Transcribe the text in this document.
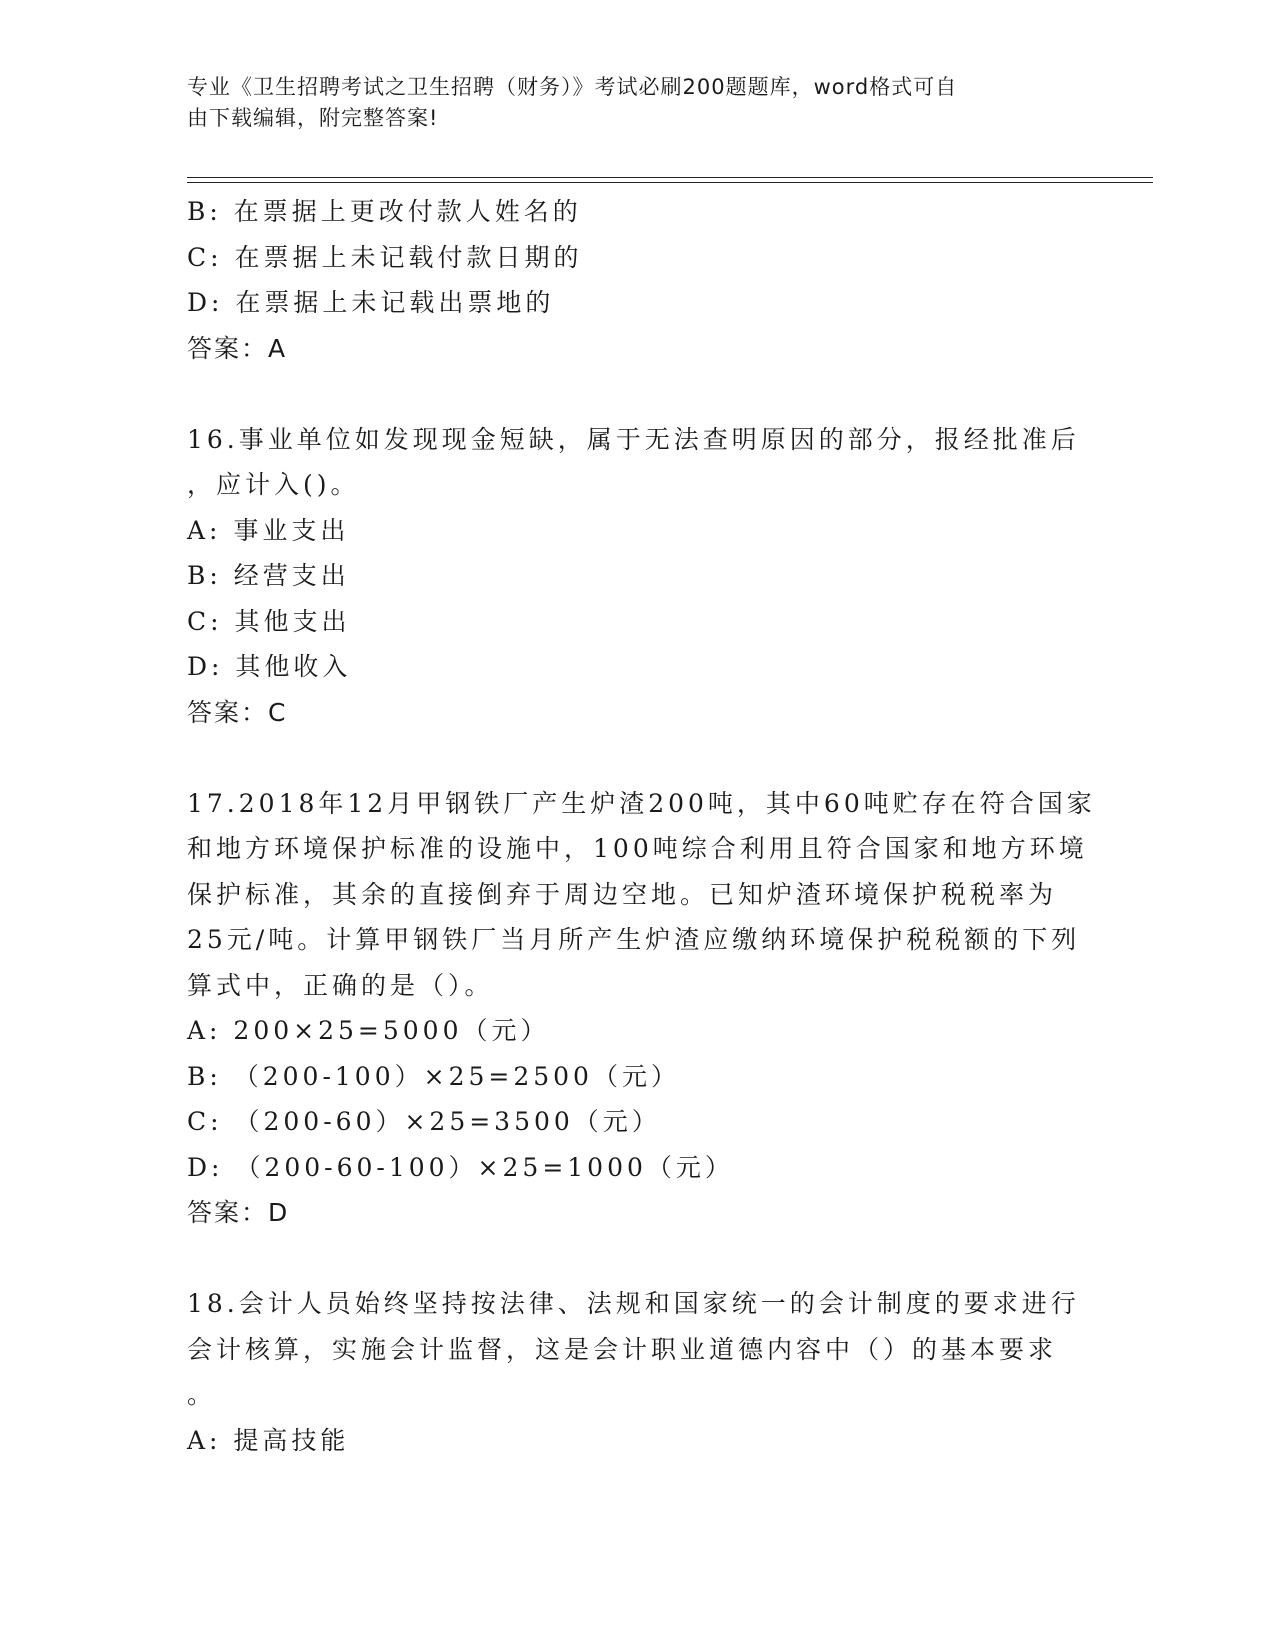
专业《卫生招聘考试之卫生招聘（财务）》考试必刷200题题库，word格式可自
由下载编辑，附完整答案!
B: 在票据上更改付款人姓名的
C: 在票据上未记载付款日期的
D: 在票据上未记载出票地的
答案：A
16.事业单位如发现现金短缺，属于无法查明原因的部分，报经批准后
，应计入()。
A: 事业支出
B: 经营支出
C: 其他支出
D: 其他收入
答案：C
17.2018年12月甲钢铁厂产生炉渣200吨，其中60吨贮存在符合国家
和地方环境保护标准的设施中，100吨综合利用且符合国家和地方环境
保护标准，其余的直接倒弃于周边空地。已知炉渣环境保护税税率为
25元/吨。计算甲钢铁厂当月所产生炉渣应缴纳环境保护税税额的下列
算式中，正确的是（）。
A: 200×25=5000（元）
B: （200-100）×25=2500（元）
C: （200-60）×25=3500（元）
D: （200-60-100）×25=1000（元）
答案：D
18.会计人员始终坚持按法律、法规和国家统一的会计制度的要求进行
会计核算，实施会计监督，这是会计职业道德内容中（）的基本要求
。
A: 提高技能
